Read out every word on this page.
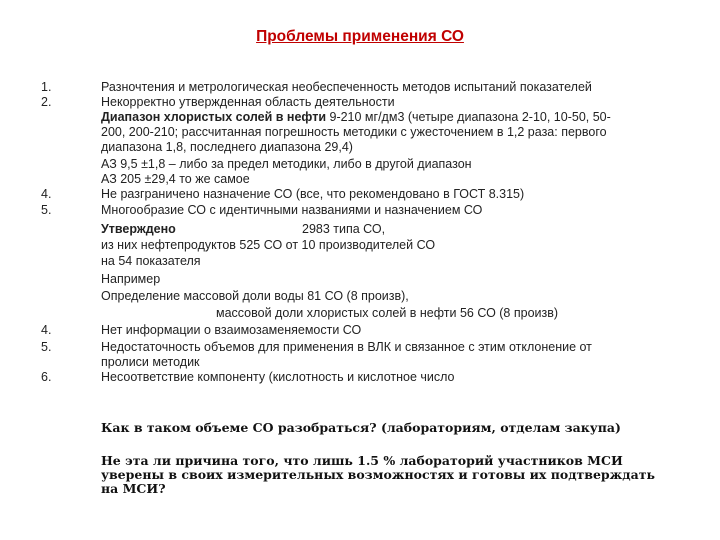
Проблемы применения СО
1.
2.
4.
5.
4.
5.
6.
Разночтения и метрологическая необеспеченность методов испытаний показателей
Некорректно утвержденная область деятельности
Диапазон хлористых солей в нефти 9-210 мг/дм3 (четыре диапазона 2-10, 10-50, 50-
200, 200-210; рассчитанная погрешность методики с ужесточением в 1,2 раза: первого
диапазона 1,8, последнего диапазона 29,4)
АЗ 9,5 ±1,8 – либо за предел методики, либо в другой диапазон
АЗ 205 ±29,4 то же самое
Не разграничено назначение СО (все, что рекомендовано в ГОСТ 8.315)
Многообразие СО с идентичными названиями и назначением СО
Утверждено	2983 типа СО,
из них нефтепродуктов 525 СО от 10 производителей СО
на 54 показателя
Например
Определение массовой доли воды 81 СО (8 произв),
массовой доли хлористых солей в нефти 56 СО (8 произв)
Нет информации о взаимозаменяемости СО
Недостаточность объемов для применения в ВЛК и связанное с этим отклонение от
пролиси методик
Несоответствие компоненту (кислотность и кислотное число
Как в таком объеме СО разобраться? (лабораториям, отделам закупа)
Не эта ли причина того, что лишь 1.5 % лабораторий участников МСИ уверены в своих измерительных возможностях и готовы их подтверждать на МСИ?
